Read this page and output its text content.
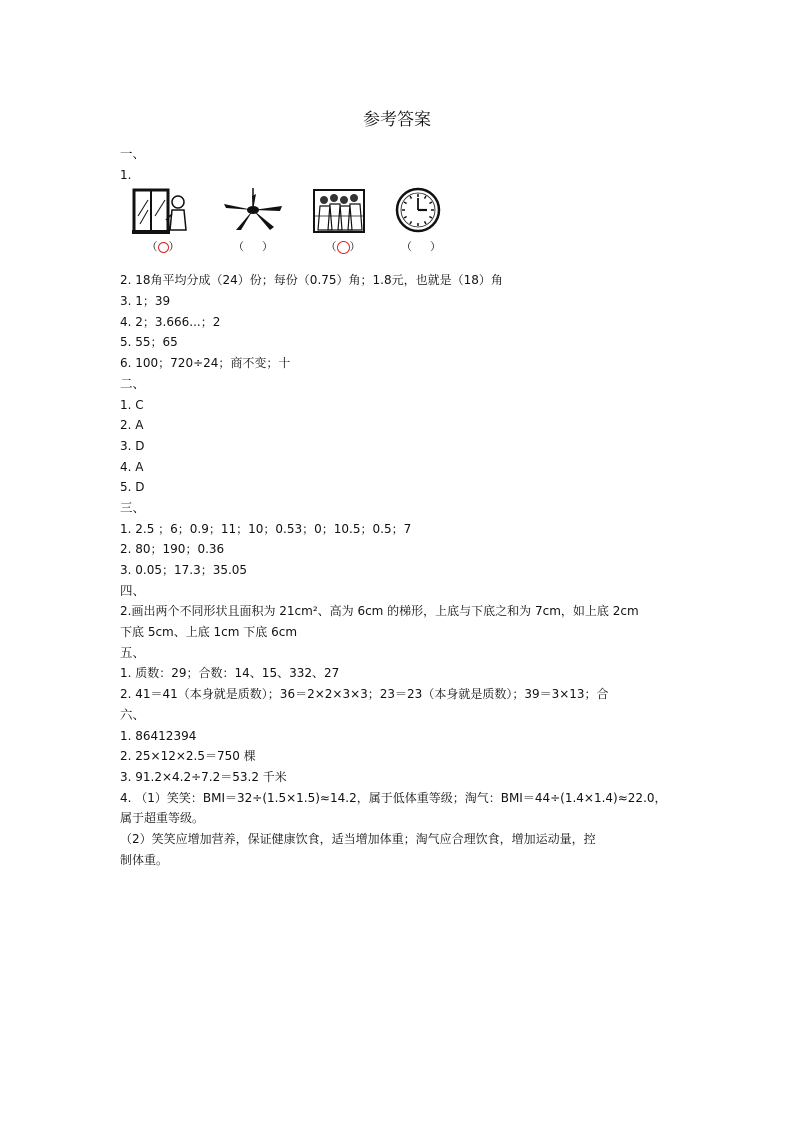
参考答案
（○）	（ ）	（○）	（ ）
一、
1.
2. 18角平均分成（24）份；每份（0.75）角；1.8元，也就是（18）角
3. 1；39
4. 2；3.666...；2
5. 55；65
6. 100；720÷24；商不变；十
二、
1. C
2. A
3. D
4. A
5. D
三、
1. 2.5 ；6；0.9；11；10；0.53；0；10.5；0.5；7
2. 80；190；0.36
3. 0.05；17.3；35.05
四、
2.画出两个不同形状且面积为 21cm²、高为 6cm 的梯形，上底与下底之和为 7cm，如上底 2cm
下底 5cm、上底 1cm 下底 6cm
五、
1. 质数：29；合数：14、15、332、27
2. 41＝41（本身就是质数）；36＝2×2×3×3；23＝23（本身就是质数）；39＝3×13；合
六、
1. 86412394
2. 25×12×2.5＝750 棵
3. 91.2×4.2÷7.2＝53.2 千米
4. （1）笑笑：BMI＝32÷(1.5×1.5)≈14.2，属于低体重等级；淘气：BMI＝44÷(1.4×1.4)≈22.0，
属于超重等级。
（2）笑笑应增加营养，保证健康饮食，适当增加体重；淘气应合理饮食，增加运动量，控
制体重。
